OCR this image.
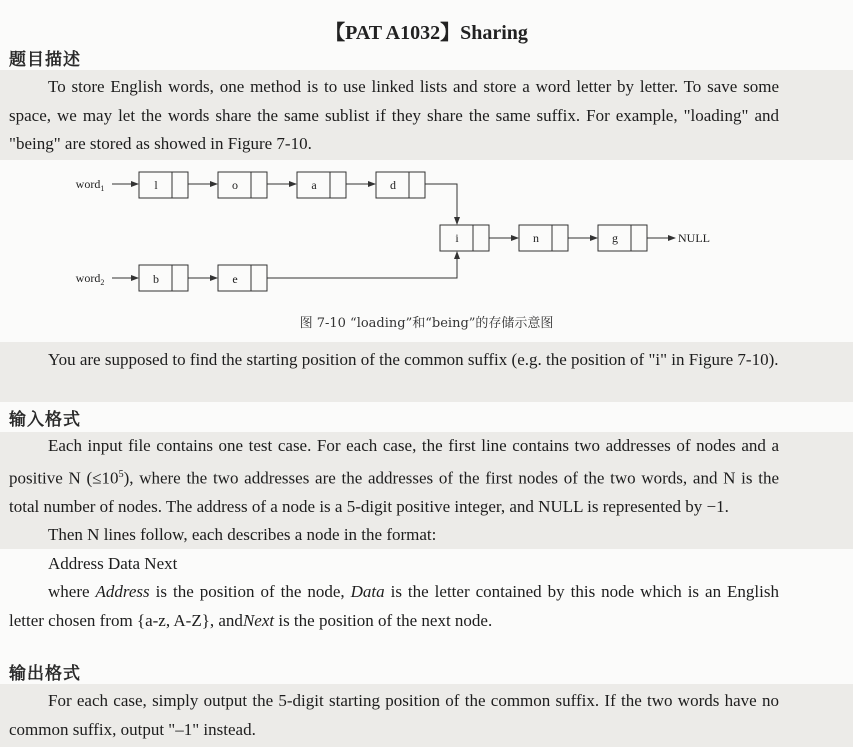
【PAT A1032】Sharing
题目描述

To store English words, one method is to use linked lists and store a word letter by letter. To save some space, we may let the words share the same sublist if they share the same suffix. For example, "loading" and "being" are stored as showed in Figure 7-10.

word$_1$
word$_2$
l	o	a	d
i	n	g
b	e
NULL
图 7-10 “loading”和“being”的存储示意图

You are supposed to find the starting position of the common suffix (e.g. the position of "i" in Figure 7-10).

输入格式

Each input file contains one test case. For each case, the first line contains two addresses of nodes and a positive N $(\le 10^5)$, where the two addresses are the addresses of the first nodes of the two words, and N is the total number of nodes. The address of a node is a 5-digit positive integer, and NULL is represented by −1.

Then N lines follow, each describes a node in the format:

Address Data Next

where Address is the position of the node, Data is the letter contained by this node which is an English letter chosen from {a-z, A-Z}, andNext is the position of the next node.

输出格式

For each case, simply output the 5-digit starting position of the common suffix. If the two words have no common suffix, output "–1" instead.
